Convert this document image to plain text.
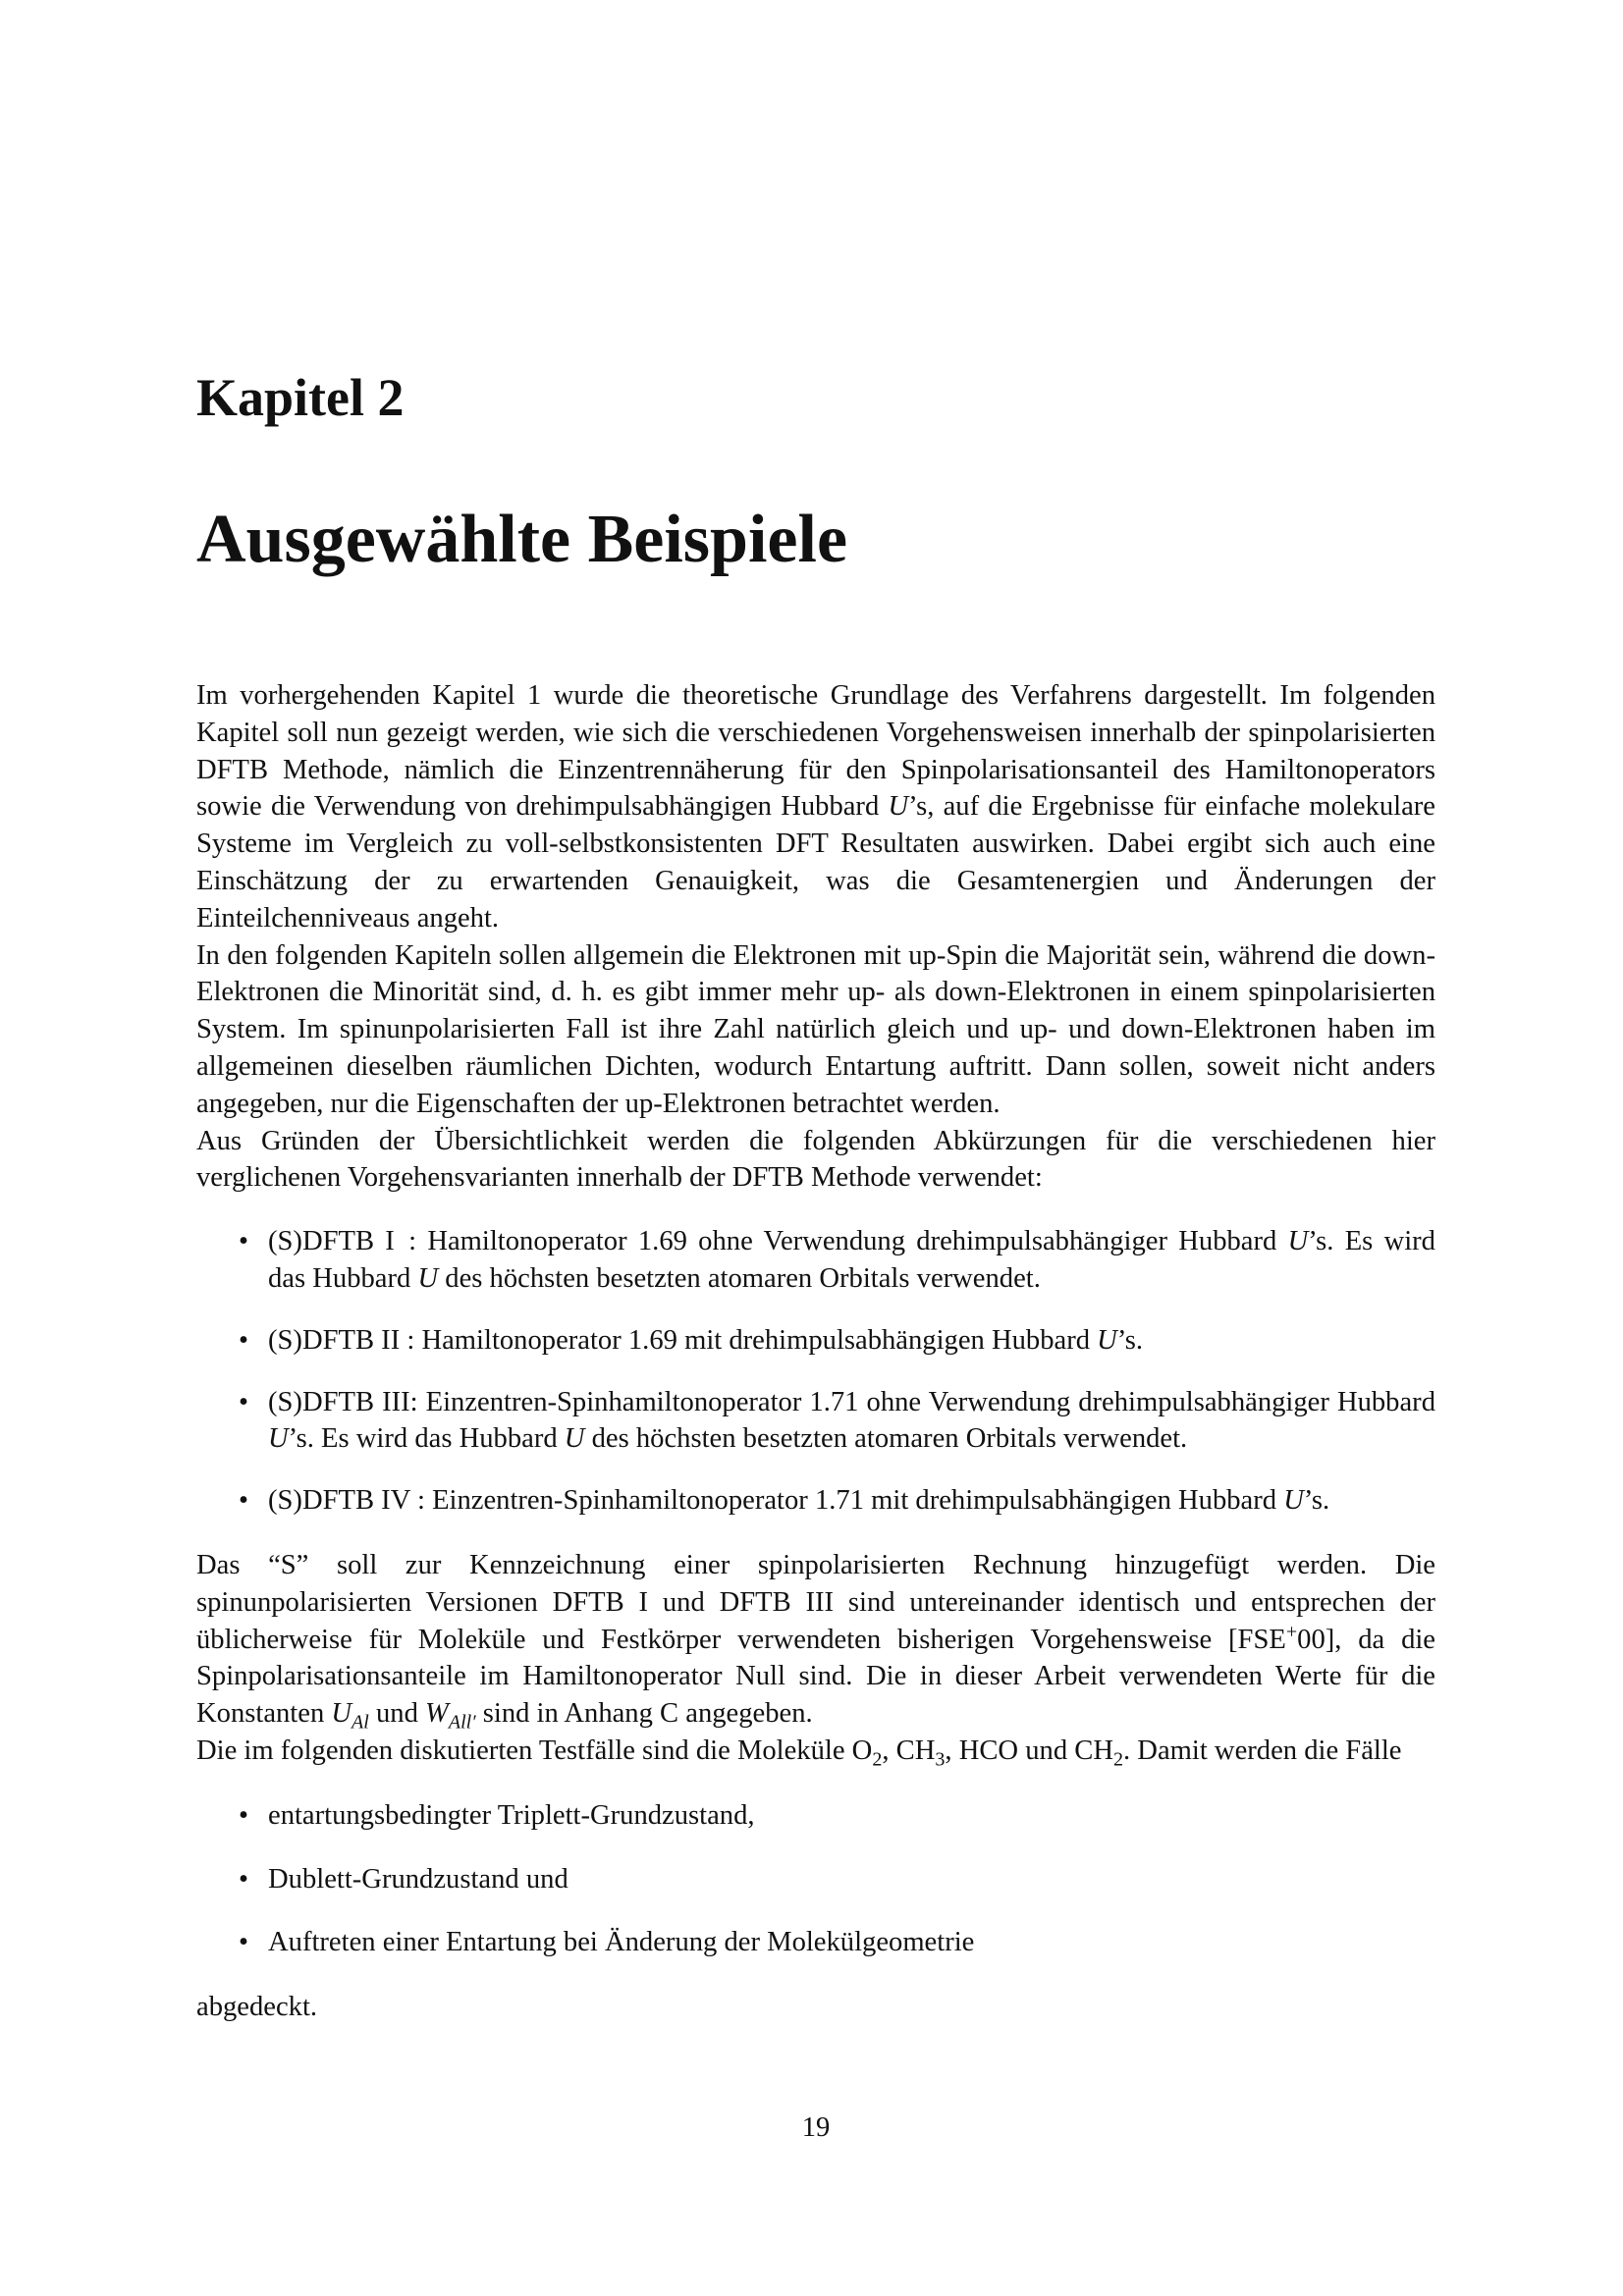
Kapitel 2
Ausgewählte Beispiele

Im vorhergehenden Kapitel 1 wurde die theoretische Grundlage des Verfahrens dargestellt. Im folgenden Kapitel soll nun gezeigt werden, wie sich die verschiedenen Vorgehensweisen innerhalb der spinpolarisierten DFTB Methode, nämlich die Einzentrennäherung für den Spinpolarisationsanteil des Hamiltonoperators sowie die Verwendung von drehimpulsabhängigen Hubbard U’s, auf die Ergebnisse für einfache molekulare Systeme im Vergleich zu voll-selbstkonsistenten DFT Resultaten auswirken. Dabei ergibt sich auch eine Einschätzung der zu erwartenden Genauigkeit, was die Gesamtenergien und Änderungen der Einteilchenniveaus angeht.

In den folgenden Kapiteln sollen allgemein die Elektronen mit up-Spin die Majorität sein, während die down-Elektronen die Minorität sind, d. h. es gibt immer mehr up- als down-Elektronen in einem spinpolarisierten System. Im spinunpolarisierten Fall ist ihre Zahl natürlich gleich und up- und down-Elektronen haben im allgemeinen dieselben räumlichen Dichten, wodurch Entartung auftritt. Dann sollen, soweit nicht anders angegeben, nur die Eigenschaften der up-Elektronen betrachtet werden.

Aus Gründen der Übersichtlichkeit werden die folgenden Abkürzungen für die verschiedenen hier verglichenen Vorgehensvarianten innerhalb der DFTB Methode verwendet:

• (S)DFTB I : Hamiltonoperator 1.69 ohne Verwendung drehimpulsabhängiger Hubbard U’s. Es wird das Hubbard U des höchsten besetzten atomaren Orbitals verwendet.
• (S)DFTB II : Hamiltonoperator 1.69 mit drehimpulsabhängigen Hubbard U’s.
• (S)DFTB III: Einzentren-Spinhamiltonoperator 1.71 ohne Verwendung drehimpulsabhängiger Hubbard U’s. Es wird das Hubbard U des höchsten besetzten atomaren Orbitals verwendet.
• (S)DFTB IV : Einzentren-Spinhamiltonoperator 1.71 mit drehimpulsabhängigen Hubbard U’s.

Das “S” soll zur Kennzeichnung einer spinpolarisierten Rechnung hinzugefügt werden. Die spinunpolarisierten Versionen DFTB I und DFTB III sind untereinander identisch und entsprechen der üblicherweise für Moleküle und Festkörper verwendeten bisherigen Vorgehensweise [FSE+00], da die Spinpolarisationsanteile im Hamiltonoperator Null sind. Die in dieser Arbeit verwendeten Werte für die Konstanten $U_{Al}$ und $W_{All'}$ sind in Anhang C angegeben.

Die im folgenden diskutierten Testfälle sind die Moleküle $O_2$, $CH_3$, HCO und $CH_2$. Damit werden die Fälle

• entartungsbedingter Triplett-Grundzustand,
• Dublett-Grundzustand und
• Auftreten einer Entartung bei Änderung der Molekülgeometrie

abgedeckt.

19
